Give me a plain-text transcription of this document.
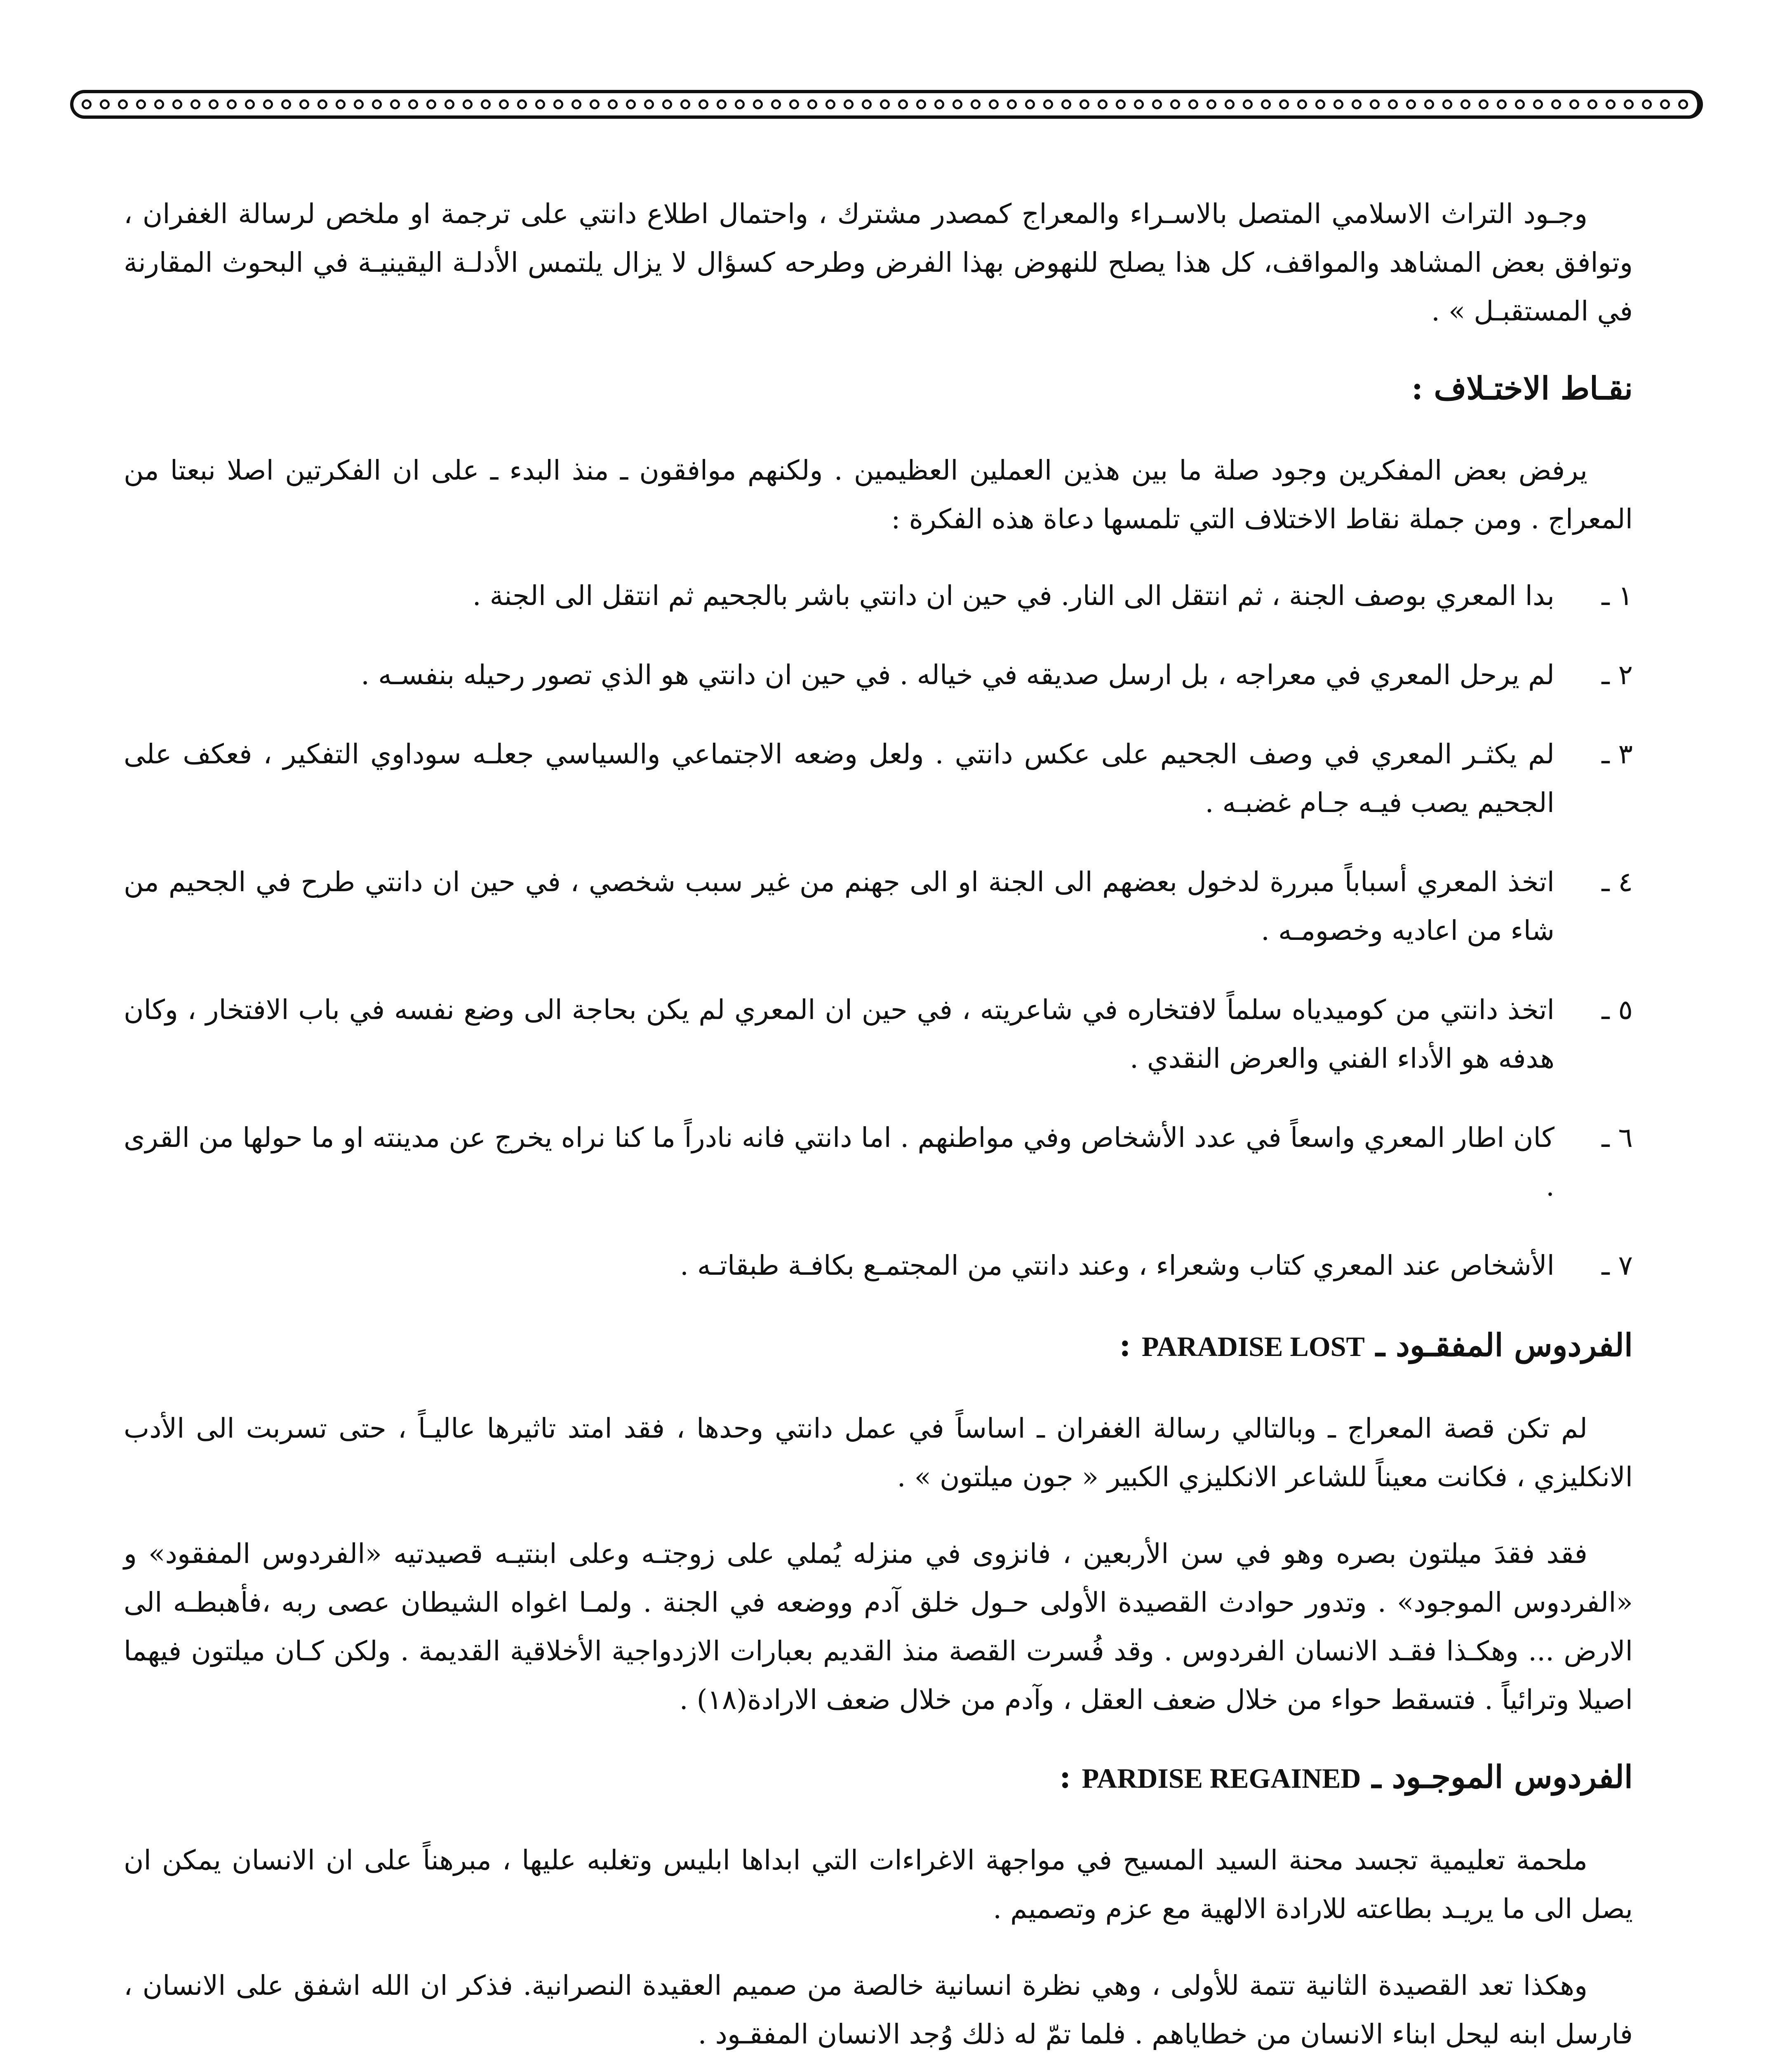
وجـود التراث الاسلامي المتصل بالاسـراء والمعراج كمصدر مشترك ، واحتمال اطلاع دانتي على ترجمة او ملخص لرسالة الغفران ، وتوافق بعض المشاهد والمواقف، كل هذا يصلح للنهوض بهذا الفرض وطرحه كسؤال لا يزال يلتمس الأدلـة اليقينيـة في البحوث المقارنة في المستقبـل » .

نقـاط الاختـلاف :

يرفض بعض المفكرين وجود صلة ما بين هذين العملين العظيمين . ولكنهم موافقون ـ منذ البدء ـ على ان الفكرتين اصلا نبعتا من المعراج . ومن جملة نقاط الاختلاف التي تلمسها دعاة هذه الفكرة :

١ ـ
بدا المعري بوصف الجنة ، ثم انتقل الى النار. في حين ان دانتي باشر بالجحيم ثم انتقل الى الجنة .
٢ ـ
لم يرحل المعري في معراجه ، بل ارسل صديقه في خياله . في حين ان دانتي هو الذي تصور رحيله بنفسـه .
٣ ـ
لم يكثـر المعري في وصف الجحيم على عكس دانتي . ولعل وضعه الاجتماعي والسياسي جعلـه سوداوي التفكير ، فعكف على الجحيم يصب فيـه جـام غضبـه .
٤ ـ
اتخذ المعري أسباباً مبررة لدخول بعضهم الى الجنة او الى جهنم من غير سبب شخصي ، في حين ان دانتي طرح في الجحيم من شاء من اعاديه وخصومـه .
٥ ـ
اتخذ دانتي من كوميدياه سلماً لافتخاره في شاعريته ، في حين ان المعري لم يكن بحاجة الى وضع نفسه في باب الافتخار ، وكان هدفه هو الأداء الفني والعرض النقدي .
٦ ـ
كان اطار المعري واسعاً في عدد الأشخاص وفي مواطنهم . اما دانتي فانه نادراً ما كنا نراه يخرج عن مدينته او ما حولها من القرى .
٧ ـ
الأشخاص عند المعري كتاب وشعراء ، وعند دانتي من المجتمـع بكافـة طبقاتـه .
الفردوس المفقـود ـ PARADISE LOST :

لم تكن قصة المعراج ـ وبالتالي رسالة الغفران ـ اساساً في عمل دانتي وحدها ، فقد امتد تاثيرها عاليـاً ، حتى تسربت الى الأدب الانكليزي ، فكانت معيناً للشاعر الانكليزي الكبير « جون ميلتون » .

فقد فقدَ ميلتون بصره وهو في سن الأربعين ، فانزوى في منزله يُملي على زوجتـه وعلى ابنتيـه قصيدتيه «الفردوس المفقود» و «الفردوس الموجود» . وتدور حوادث القصيدة الأولى حـول خلق آدم ووضعه في الجنة . ولمـا اغواه الشيطان عصى ربه ،فأهبطـه الى الارض ... وهكـذا فقـد الانسان الفردوس . وقد فُسرت القصة منذ القديم بعبارات الازدواجية الأخلاقية القديمة . ولكن كـان ميلتون فيهما اصيلا وترائياً . فتسقط حواء من خلال ضعف العقل ، وآدم من خلال ضعف الارادة(١٨) .

الفردوس الموجـود ـ PARDISE REGAINED :

ملحمة تعليمية تجسد محنة السيد المسيح في مواجهة الاغراءات التي ابداها ابليس وتغلبه عليها ، مبرهناً على ان الانسان يمكن ان يصل الى ما يريـد بطاعته للارادة الالهية مع عزم وتصميم .

وهكذا تعد القصيدة الثانية تتمة للأولى ، وهي نظرة انسانية خالصة من صميم العقيدة النصرانية. فذكر ان الله اشفق على الانسان ، فارسل ابنه ليحل ابناء الانسان من خطاياهم . فلما تمّ له ذلك وُجد الانسان المفقـود .
